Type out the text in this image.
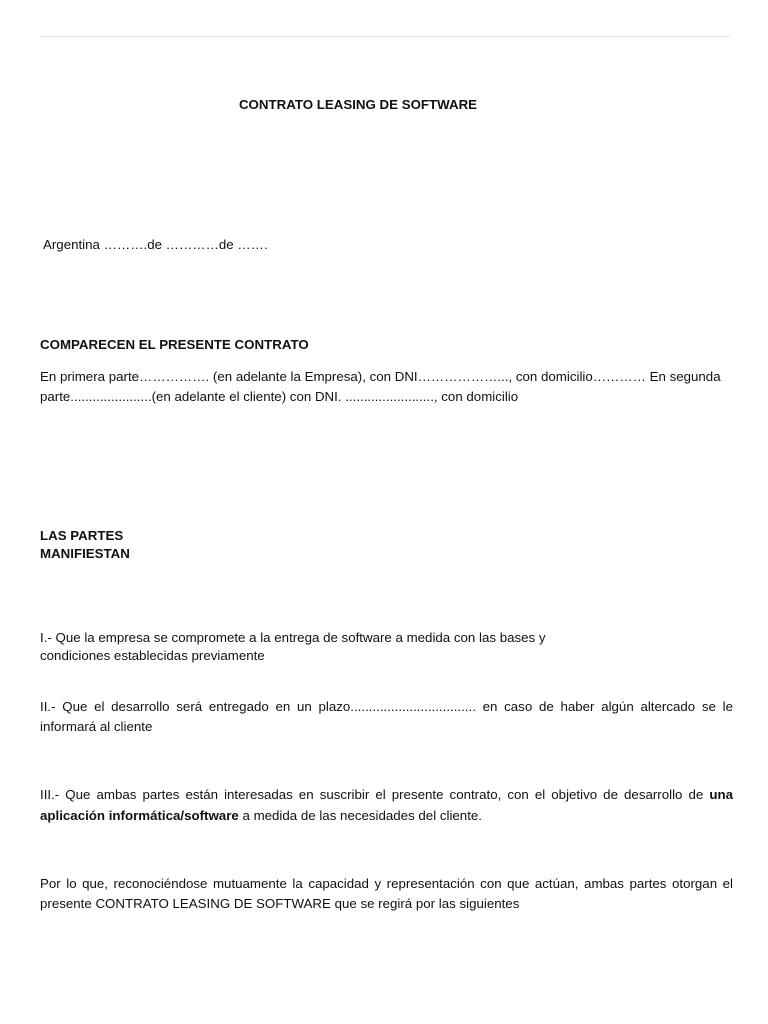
CONTRATO LEASING DE SOFTWARE

Argentina ……….de …………de …….

COMPARECEN EL PRESENTE CONTRATO

En primera parte……………. (en adelante la Empresa), con DNI………………..., con domicilio………… En segunda parte......................(en adelante el cliente) con DNI. ........................, con domicilio

LAS PARTES
MANIFIESTAN
I.- Que la empresa se compromete a la entrega de software a medida con las bases y
condiciones establecidas previamente

II.- Que el desarrollo será entregado en un plazo.................................. en caso de haber algún altercado se le informará al cliente

III.- Que ambas partes están interesadas en suscribir el presente contrato, con el objetivo de desarrollo de una aplicación informática/software a medida de las necesidades del cliente.

Por lo que, reconociéndose mutuamente la capacidad y representación con que actúan, ambas partes otorgan el presente CONTRATO LEASING DE SOFTWARE que se regirá por las siguientes
